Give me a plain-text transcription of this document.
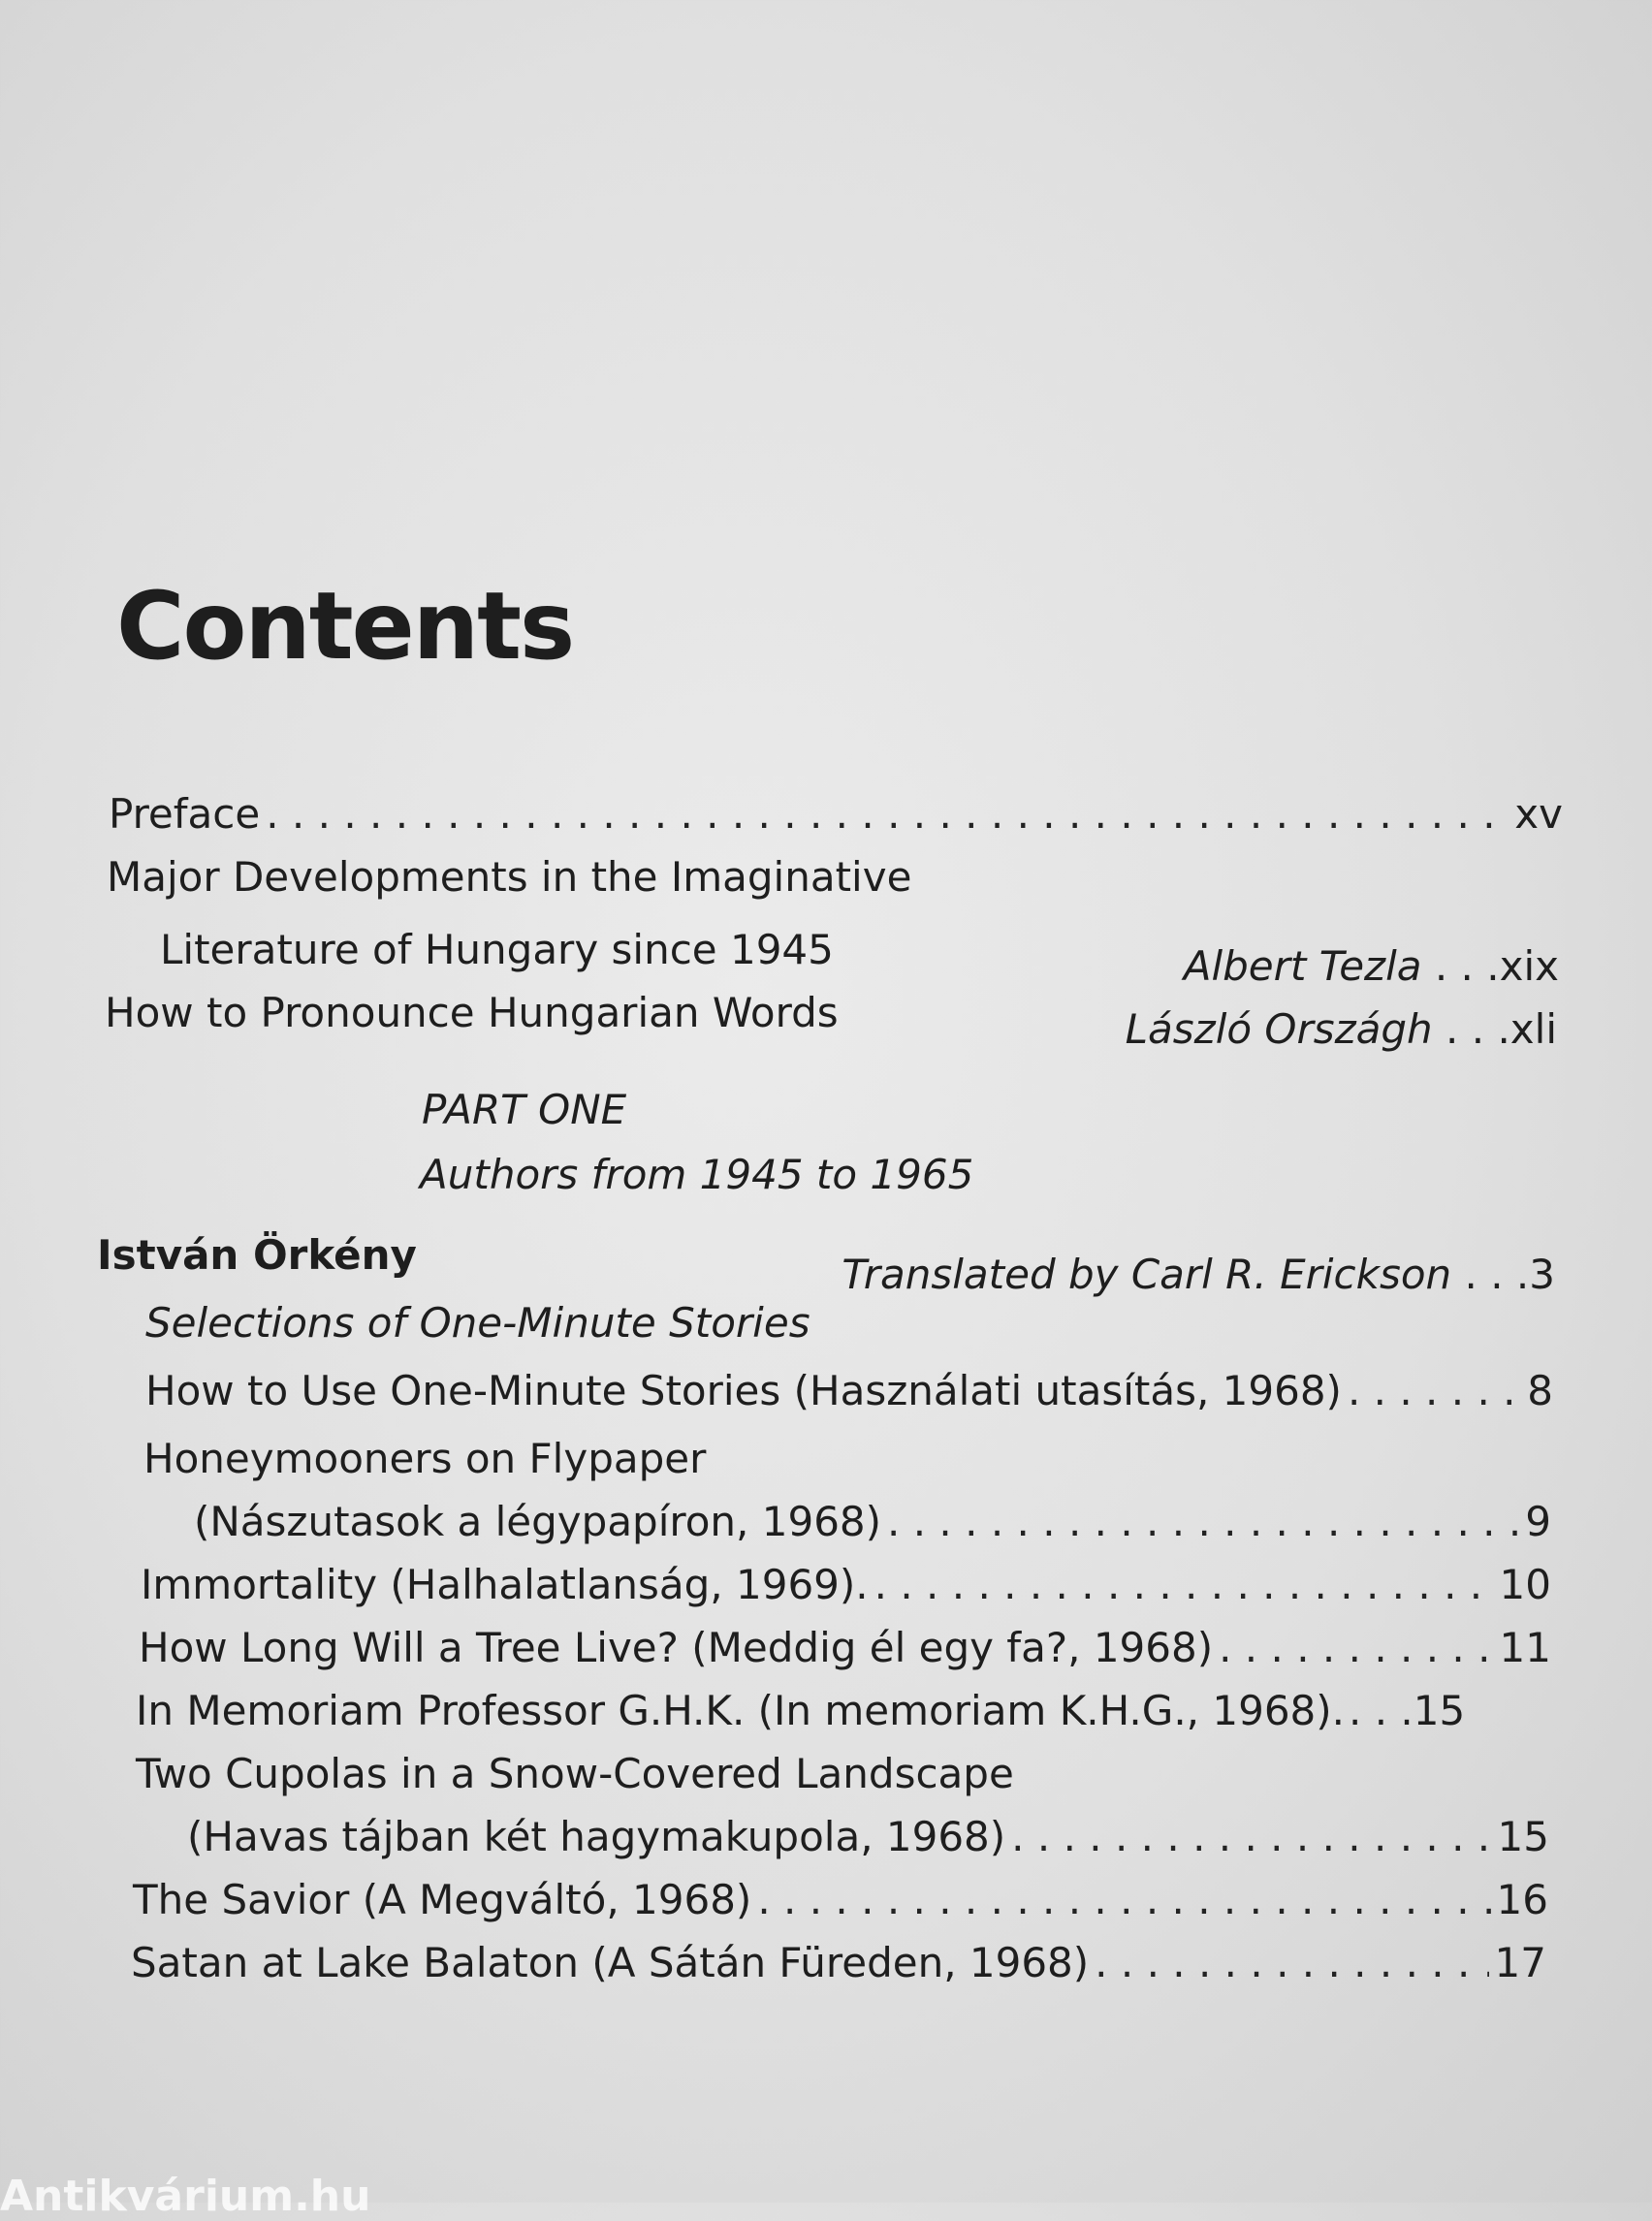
Contents
Preface . . .	xv
Major Developments in the Imaginative
Literature of Hungary since 1945	Albert Tezla . . .xix
How to Pronounce Hungarian Words	László Országh . . .xli
PART ONE
Authors from 1945 to 1965
István Örkény	Translated by Carl R. Erickson . . .3
Selections of One-Minute Stories
How to Use One-Minute Stories (Használati utasítás, 1968) . . .	8
Honeymooners on Flypaper
(Nászutasok a légypapíron, 1968) . . .	9
Immortality (Halhalatlanság, 1969). . . .	10
How Long Will a Tree Live? (Meddig él egy fa?, 1968) . . .	11
In Memoriam Professor G.H.K. (In memoriam K.H.G., 1968). . . .15
Two Cupolas in a Snow-Covered Landscape
(Havas tájban két hagymakupola, 1968) . . .	15
The Savior (A Megváltó, 1968) . . .	16
Satan at Lake Balaton (A Sátán Füreden, 1968) . . .	17
Antikvárium.hu
